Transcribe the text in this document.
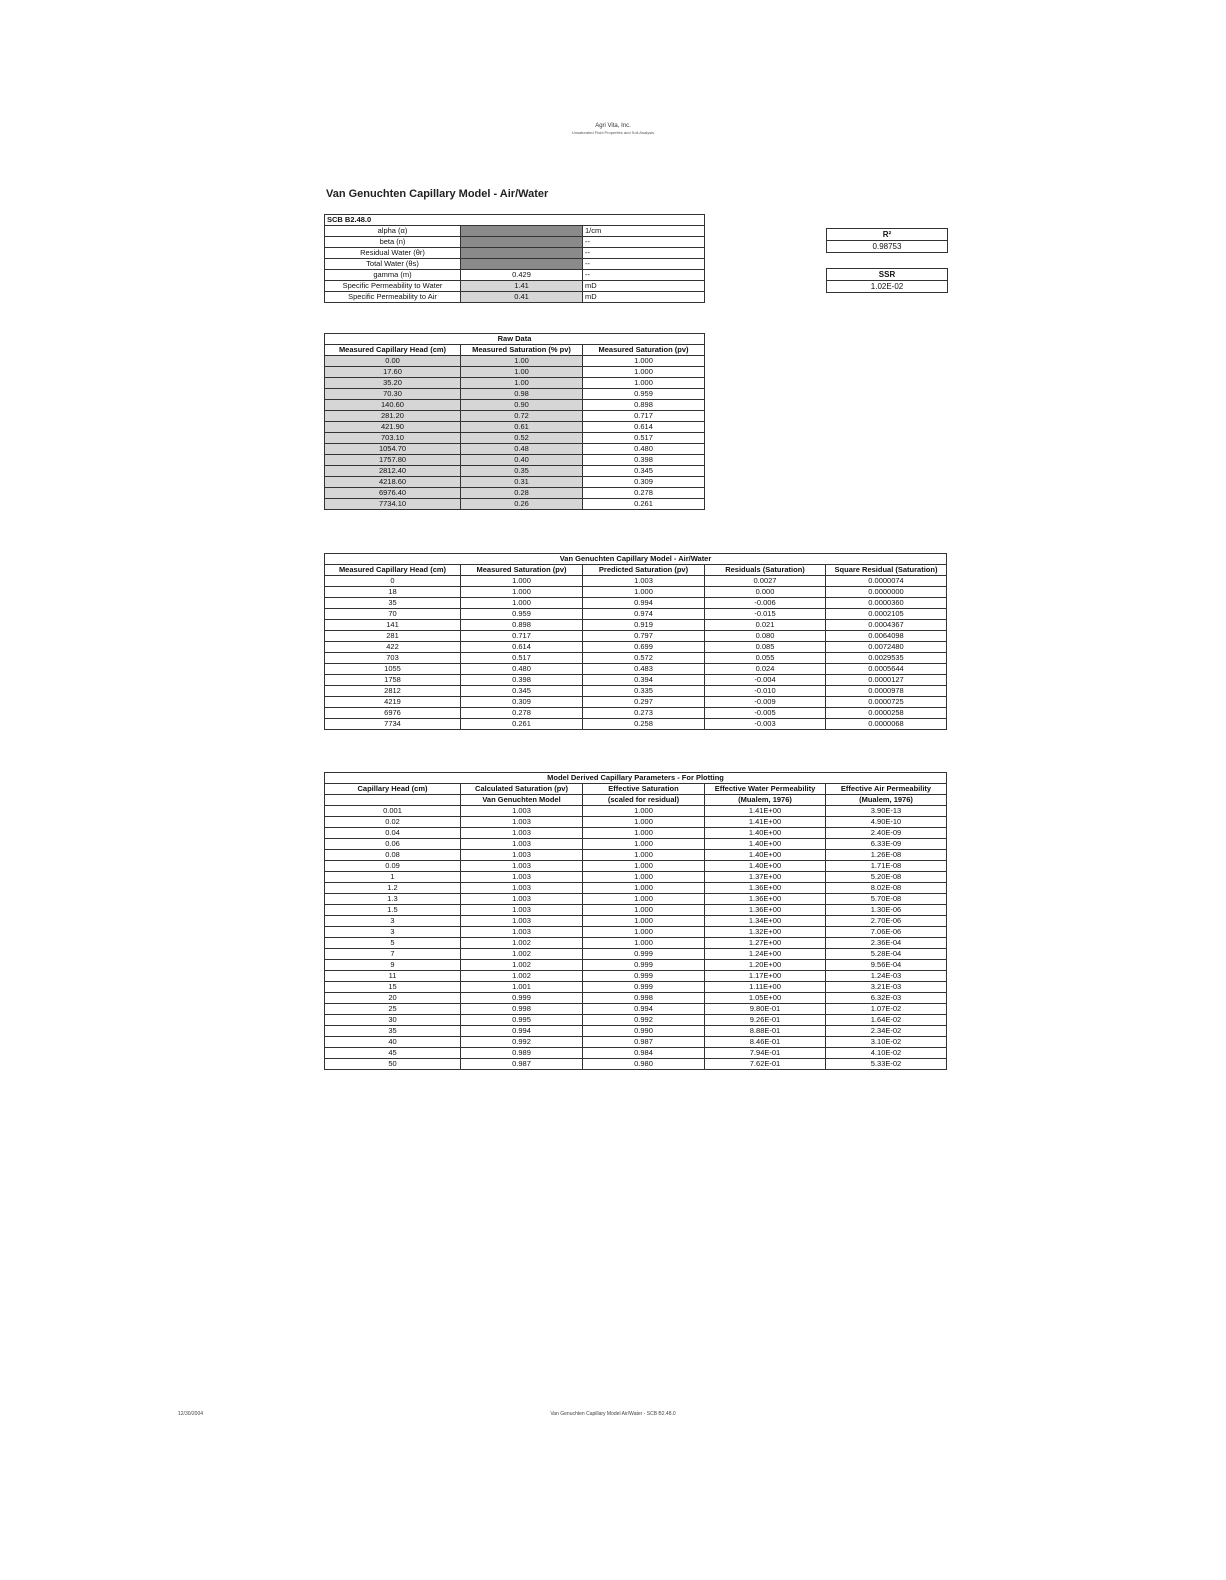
Agri Vita, Inc.
Unsaturated Fluid Properties and Soil Analysis
Van Genuchten Capillary Model - Air/Water
SCB B2.48.0		
alpha (α)		1/cm
beta (n)		--
Residual Water (θr)		--
Total Water (θs)		--
gamma (m)	0.429	--
Specific Permeability to Water	1.41	mD
Specific Permeability to Air	0.41	mD
R²
0.98753
SSR
1.02E-02
Raw Data		
Measured Capillary Head (cm)	Measured Saturation (% pv)	Measured Saturation (pv)
0.00	1.00	1.000
17.60	1.00	1.000
35.20	1.00	1.000
70.30	0.98	0.959
140.60	0.90	0.898
281.20	0.72	0.717
421.90	0.61	0.614
703.10	0.52	0.517
1054.70	0.48	0.480
1757.80	0.40	0.398
2812.40	0.35	0.345
4218.60	0.31	0.309
6976.40	0.28	0.278
7734.10	0.26	0.261
Van Genuchten Capillary Model - Air/Water				
Measured Capillary Head (cm)	Measured Saturation (pv)	Predicted Saturation (pv)	Residuals (Saturation)	Square Residual (Saturation)
0	1.000	1.003	0.0027	0.0000074
18	1.000	1.000	0.000	0.0000000
35	1.000	0.994	-0.006	0.0000360
70	0.959	0.974	-0.015	0.0002105
141	0.898	0.919	0.021	0.0004367
281	0.717	0.797	0.080	0.0064098
422	0.614	0.699	0.085	0.0072480
703	0.517	0.572	0.055	0.0029535
1055	0.480	0.483	0.024	0.0005644
1758	0.398	0.394	-0.004	0.0000127
2812	0.345	0.335	-0.010	0.0000978
4219	0.309	0.297	-0.009	0.0000725
6976	0.278	0.273	-0.005	0.0000258
7734	0.261	0.258	-0.003	0.0000068
Model Derived Capillary Parameters - For Plotting				
Capillary Head (cm)	Calculated Saturation (pv)	Effective Saturation	Effective Water Permeability	Effective Air Permeability
	Van Genuchten Model	(scaled for residual)	(Mualem, 1976)	(Mualem, 1976)
0.001	1.003	1.000	1.41E+00	3.90E-13
0.02	1.003	1.000	1.41E+00	4.90E-10
0.04	1.003	1.000	1.40E+00	2.40E-09
0.06	1.003	1.000	1.40E+00	6.33E-09
0.08	1.003	1.000	1.40E+00	1.26E-08
0.09	1.003	1.000	1.40E+00	1.71E-08
1	1.003	1.000	1.37E+00	5.20E-08
1.2	1.003	1.000	1.36E+00	8.02E-08
1.3	1.003	1.000	1.36E+00	5.70E-08
1.5	1.003	1.000	1.36E+00	1.30E-06
3	1.003	1.000	1.34E+00	2.70E-06
3	1.003	1.000	1.32E+00	7.06E-06
5	1.002	1.000	1.27E+00	2.36E-04
7	1.002	0.999	1.24E+00	5.28E-04
9	1.002	0.999	1.20E+00	9.56E-04
11	1.002	0.999	1.17E+00	1.24E-03
15	1.001	0.999	1.11E+00	3.21E-03
20	0.999	0.998	1.05E+00	6.32E-03
25	0.998	0.994	9.80E-01	1.07E-02
30	0.995	0.992	9.26E-01	1.64E-02
35	0.994	0.990	8.88E-01	2.34E-02
40	0.992	0.987	8.46E-01	3.10E-02
45	0.989	0.984	7.94E-01	4.10E-02
50	0.987	0.980	7.62E-01	5.33E-02
12/30/2004	Van Genuchten Capillary Model Air/Water - SCB B2.48.0
